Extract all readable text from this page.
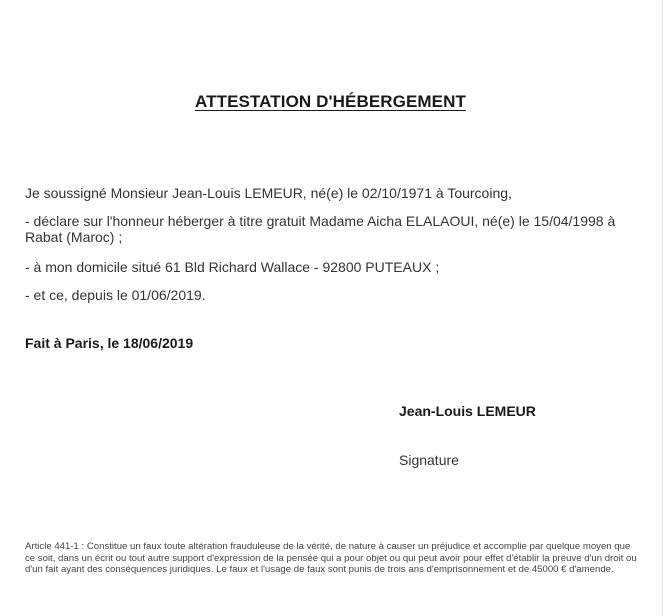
ATTESTATION D'HÉBERGEMENT
Je soussigné Monsieur Jean-Louis LEMEUR, né(e) le 02/10/1971 à Tourcoing,
- déclare sur l'honneur héberger à titre gratuit Madame Aicha ELALAOUI, né(e) le 15/04/1998 à Rabat (Maroc) ;
- à mon domicile situé 61 Bld Richard Wallace - 92800 PUTEAUX ;
- et ce, depuis le 01/06/2019.
Fait à Paris, le 18/06/2019
Jean-Louis LEMEUR
Signature
Article 441-1 : Constitue un faux toute altération frauduleuse de la vérité, de nature à causer un préjudice et accomplie par quelque moyen que ce soit, dans un écrit ou tout autre support d'expression de la pensée qui a pour objet ou qui peut avoir pour effet d'établir la preuve d'un droit ou d'un fait ayant des conséquences juridiques. Le faux et l'usage de faux sont punis de trois ans d'emprisonnement et de 45000 € d'amende.
